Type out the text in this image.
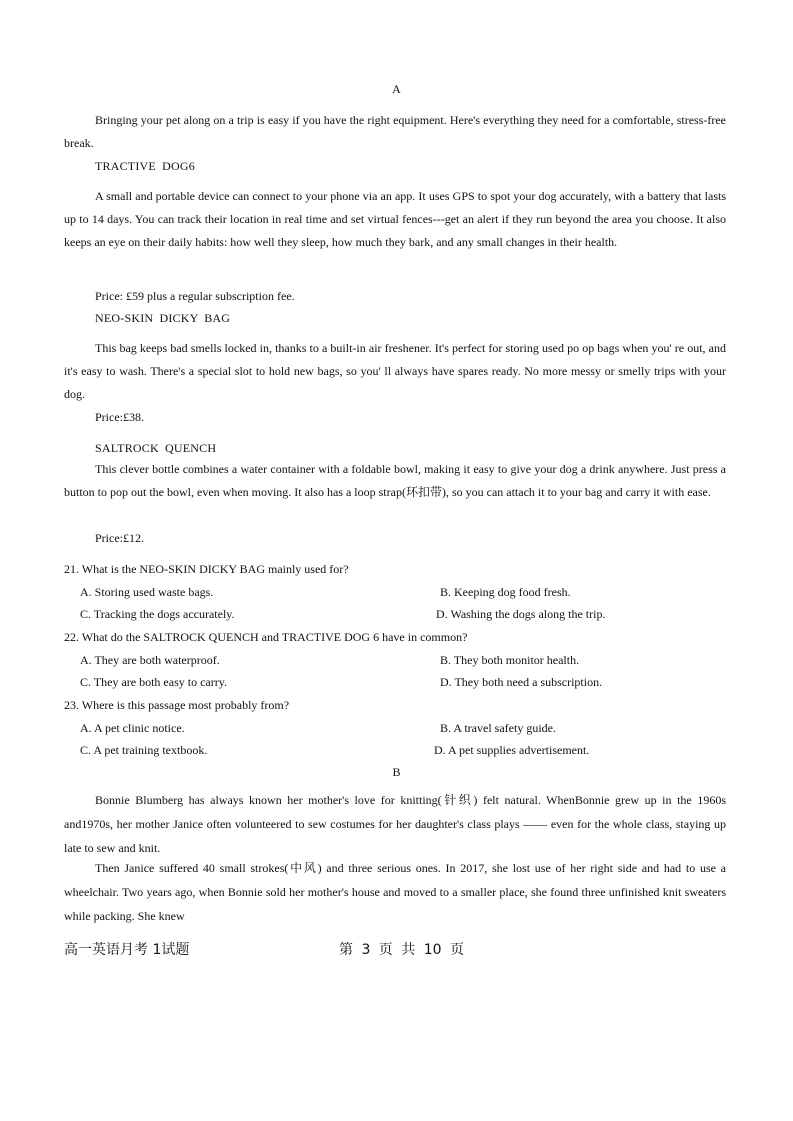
A

Bringing your pet along on a trip is easy if you have the right equipment. Here's everything they need for a comfortable, stress-free break.

TRACTIVE DOG6

A small and portable device can connect to your phone via an app. It uses GPS to spot your dog accurately, with a battery that lasts up to 14 days. You can track their location in real time and set virtual fences---get an alert if they run beyond the area you choose. It also keeps an eye on their daily habits: how well they sleep, how much they bark, and any small changes in their health.

Price: £59 plus a regular subscription fee.
NEO-SKIN DICKY BAG

This bag keeps bad smells locked in, thanks to a built-in air freshener. It's perfect for storing used po op bags when you' re out, and it's easy to wash. There's a special slot to hold new bags, so you' ll always have spares ready. No more messy or smelly trips with your dog.

Price:£38.
SALTROCK QUENCH

This clever bottle combines a water container with a foldable bowl, making it easy to give your dog a drink anywhere. Just press a button to pop out the bowl, even when moving. It also has a loop strap(环扣带), so you can attach it to your bag and carry it with ease.

Price:£12.
21. What is the NEO-SKIN DICKY BAG mainly used for?
A. Storing used waste bags.	B. Keeping dog food fresh.
C. Tracking the dogs accurately.	D. Washing the dogs along the trip.
22. What do the SALTROCK QUENCH and TRACTIVE DOG 6 have in common?
A. They are both waterproof.	B. They both monitor health.
C. They are both easy to carry.	D. They both need a subscription.
23. Where is this passage most probably from?
A. A pet clinic notice.	B. A travel safety guide.
C. A pet training textbook.	D. A pet supplies advertisement.
B

Bonnie Blumberg has always known her mother's love for knitting(针织) felt natural. WhenBonnie grew up in the 1960s and1970s, her mother Janice often volunteered to sew costumes for her daughter's class plays —— even for the whole class, staying up late to sew and knit.

Then Janice suffered 40 small strokes(中风) and three serious ones. In 2017, she lost use of her right side and had to use a wheelchair. Two years ago, when Bonnie sold her mother's house and moved to a smaller place, she found three unfinished knit sweaters while packing. She knew

高一英语月考 1试题	第 3 页 共 10 页
